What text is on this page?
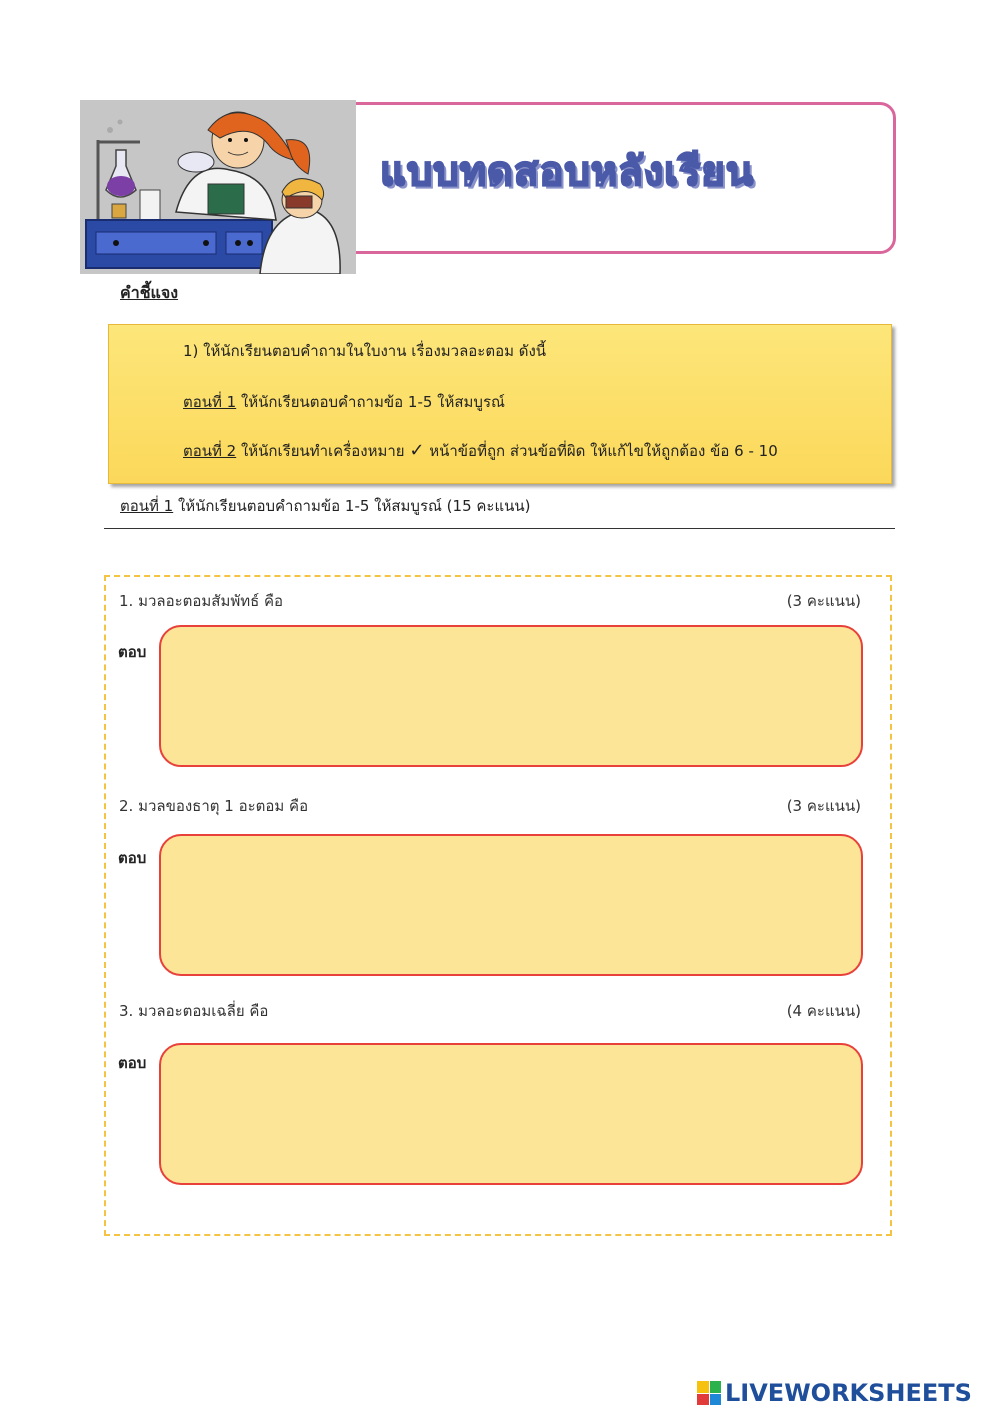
แบบทดสอบหลังเรียน
คำชี้แจง
1) ให้นักเรียนตอบคำถามในใบงาน เรื่องมวลอะตอม ดังนี้
ตอนที่ 1 ให้นักเรียนตอบคำถามข้อ 1-5 ให้สมบูรณ์
ตอนที่ 2 ให้นักเรียนทำเครื่องหมาย ✓ หน้าข้อที่ถูก ส่วนข้อที่ผิด ให้แก้ไขให้ถูกต้อง ข้อ 6 - 10
ตอนที่ 1 ให้นักเรียนตอบคำถามข้อ 1-5 ให้สมบูรณ์ (15 คะแนน)
1. มวลอะตอมสัมพัทธ์ คือ	(3 คะแนน)
ตอบ
2. มวลของธาตุ 1 อะตอม คือ	(3 คะแนน)
ตอบ
3. มวลอะตอมเฉลี่ย คือ	(4 คะแนน)
ตอบ
LIVEWORKSHEETS
